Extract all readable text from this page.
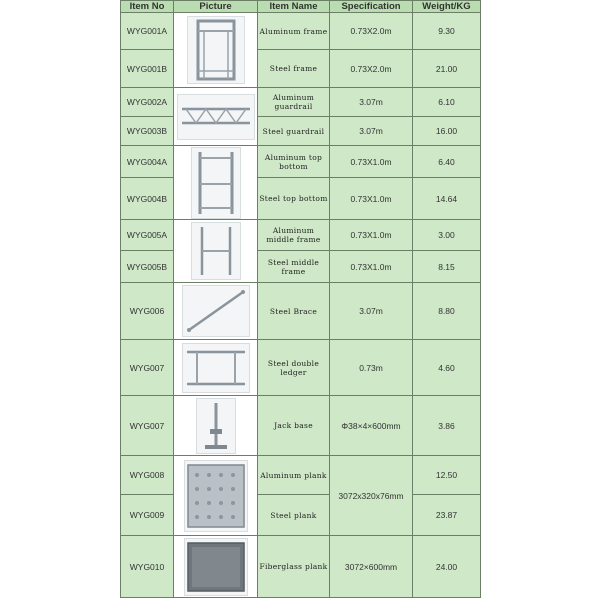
Item No	Picture	Item Name	Specification	Weight/KG
WYG001A		Aluminum frame	0.73X2.0m	9.30
WYG001B		Steel frame	0.73X2.0m	21.00
WYG002A		Aluminum guardrail	3.07m	6.10
WYG003B		Steel guardrail	3.07m	16.00
WYG004A		Aluminum top bottom	0.73X1.0m	6.40
WYG004B		Steel top bottom	0.73X1.0m	14.64
WYG005A		Aluminum middle frame	0.73X1.0m	3.00
WYG005B		Steel middle frame	0.73X1.0m	8.15
WYG006		Steel Brace	3.07m	8.80
WYG007		Steel double ledger	0.73m	4.60
WYG007		Jack base	Φ38×4×600mm	3.86
WYG008		Aluminum plank	3072x320x76mm	12.50
WYG009		Steel plank		23.87
WYG010		Fiberglass plank	3072×600mm	24.00
